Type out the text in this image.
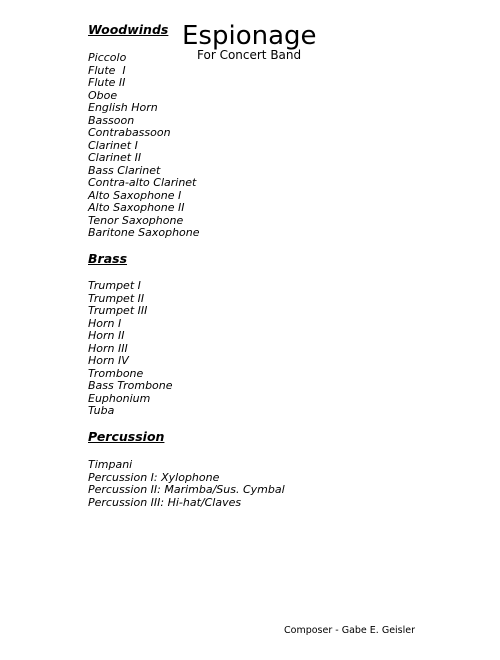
Espionage
For Concert Band
Woodwinds
Piccolo
Flute  I
Flute II
Oboe
English Horn
Bassoon
Contrabassoon
Clarinet I
Clarinet II
Bass Clarinet
Contra-alto Clarinet
Alto Saxophone I
Alto Saxophone II
Tenor Saxophone
Baritone Saxophone
Brass
Trumpet I
Trumpet II
Trumpet III
Horn I
Horn II
Horn III
Horn IV
Trombone
Bass Trombone
Euphonium
Tuba
Percussion
Timpani
Percussion I: Xylophone
Percussion II: Marimba/Sus. Cymbal
Percussion III: Hi-hat/Claves
Composer - Gabe E. Geisler
